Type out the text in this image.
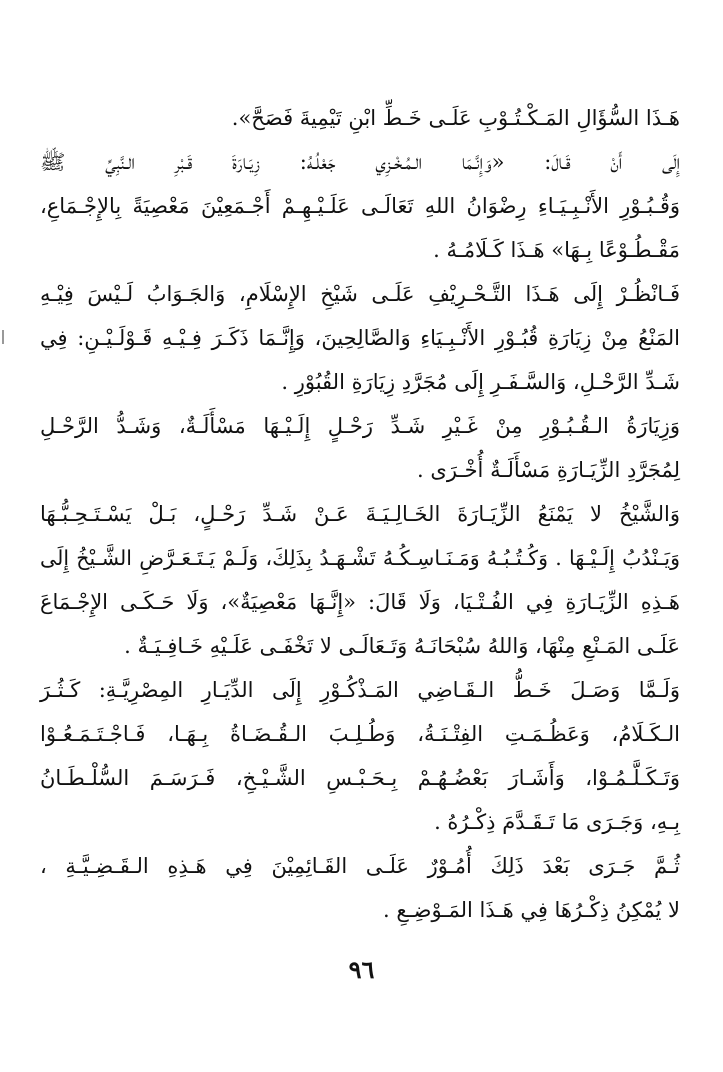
هَـذَا السُّؤَالِ المَـكْـتُـوْبِ عَلَـى خَـطِّ ابْنِ تَيْمِيةَ فَصَحَّ».
إِلَى أَنْ قَـالَ: «وَإِنَّـمَا الـمُـخْـزِي جَعْلُـهُ: زِيَـارَةَ قَـبْرِ الـنَّبِيِّ ﷺ
وَقُـبُـوْرِ الأَنْـبِـيَـاءِ رِضْوَانُ اللهِ تَعَالَـى عَلَـيْـهِـمْ أَجْـمَعِيْنَ مَعْصِيَةً بِالإِجْـمَاعِ،
مَقْـطُـوْعًا بِـهَا» هَـذَا كَـلَامُـهُ .
فَـانْظُـرْ إِلَى هَـذَا التَّـحْـرِيْفِ عَلَـى شَيْخِ الإِسْلَامِ، وَالجَـوَابُ لَـيْسَ فِيْـهِ
المَنْعُ مِنْ زِيَارَةِ قُبُـوْرِ الأَنْـبِـيَاءِ وَالصَّالِحِينَ، وَإِنَّـمَا ذَكَـرَ فِـيْـهِ قَـوْلَـيْـنِ: فِي
شَـدِّ الرَّحْـلِ، وَالسَّـفَـرِ إِلَى مُجَرَّدِ زِيَارَةِ القُبُوْرِ .
وَزِيَارَةُ الـقُـبُـوْرِ مِنْ غَـيْرِ شَـدِّ رَحْـلٍ إِلَـيْـهَا مَسْأَلَـةٌ، وَشَـدُّ الرَّحْـلِ
لِمُجَرَّدِ الزِّيَـارَةِ مَسْأَلَـةٌ أُخْـرَى .
وَالشَّيْخُ لا يَمْنَعُ الزِّيَـارَةَ الخَـالِـيَـةَ عَـنْ شَـدِّ رَحْـلٍ، بَـلْ يَسْـتَـحِـبُّـهَا
وَيَـنْدُبُ إِلَـيْـهَا . وَكُـتُـبُـهُ وَمَـنَـاسِـكُـهُ تَشْـهَـدُ بِذَلِكَ، وَلَـمْ يَـتَـعَـرَّضِ الشَّـيْخُ إِلَى
هَـذِهِ الزِّيَـارَةِ فِي الفُـتْـيَا، وَلَا قَالَ: «إِنَّـهَا مَعْصِيَةٌ»، وَلَا حَـكَـى الإِجْـمَاعَ
عَلَـى المَـنْعِ مِنْهَا، وَاللهُ سُبْحَانَـهُ وَتَـعَالَـى لا تَخْفَـى عَلَـيْهِ خَـافِـيَـةٌ .
وَلَـمَّا وَصَـلَ خَـطُّ الـقَـاضِي المَـذْكُـوْرِ إِلَى الدِّيَـارِ المِصْرِيَّـةِ: كَـثُـرَ
الـكَـلَامُ، وَعَظُـمَـتِ الفِتْـنَـةُ، وَطُـلِـبَ الـقُـضَـاةُ بِـهَـا، فَـاجْـتَـمَـعُـوْا
وَتَـكَـلَّـمُـوْا، وَأَشَـارَ بَعْضُـهُـمْ بِـحَـبْـسِ الشَّـيْـخِ، فَـرَسَـمَ السُّلْـطَـانُ
بِـهِ، وَجَـرَى مَا تَـقَـدَّمَ ذِكْـرُهُ .
ثُـمَّ جَـرَى بَعْدَ ذَلِكَ أُمُـوْرٌ عَلَـى القَـائِمِيْنَ فِي هَـذِهِ الـقَـضِـيَّـةِ ،
لا يُمْكِنُ ذِكْـرُهَا فِي هَـذَا المَـوْضِـعِ .
٩٦
